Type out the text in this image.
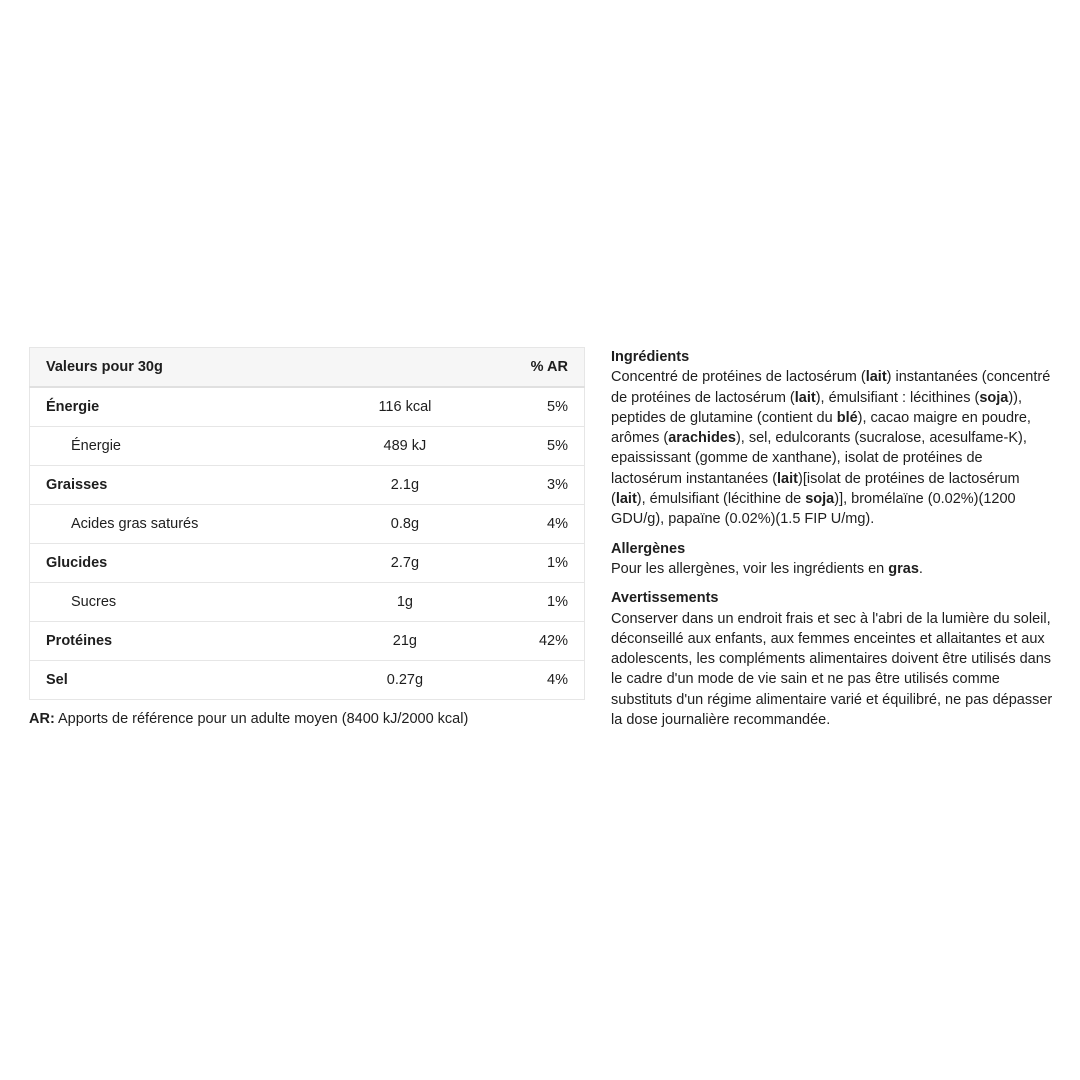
Valeurs pour 30g		% AR
Énergie	116 kcal	5%
Énergie	489 kJ	5%
Graisses	2.1g	3%
Acides gras saturés	0.8g	4%
Glucides	2.7g	1%
Sucres	1g	1%
Protéines	21g	42%
Sel	0.27g	4%
AR: Apports de référence pour un adulte moyen (8400 kJ/2000 kcal)
Ingrédients
Concentré de protéines de lactosérum (lait) instantanées (concentré de protéines de lactosérum (lait), émulsifiant : lécithines (soja)), peptides de glutamine (contient du blé), cacao maigre en poudre, arômes (arachides), sel, edulcorants (sucralose, acesulfame-K), epaississant (gomme de xanthane), isolat de protéines de lactosérum instantanées (lait)[isolat de protéines de lactosérum (lait), émulsifiant (lécithine de soja)], bromélaïne (0.02%)(1200 GDU/g), papaïne (0.02%)(1.5 FIP U/mg).
Allergènes
Pour les allergènes, voir les ingrédients en gras.
Avertissements
Conserver dans un endroit frais et sec à l'abri de la lumière du soleil, déconseillé aux enfants, aux femmes enceintes et allaitantes et aux adolescents, les compléments alimentaires doivent être utilisés dans le cadre d'un mode de vie sain et ne pas être utilisés comme substituts d'un régime alimentaire varié et équilibré, ne pas dépasser la dose journalière recommandée.
